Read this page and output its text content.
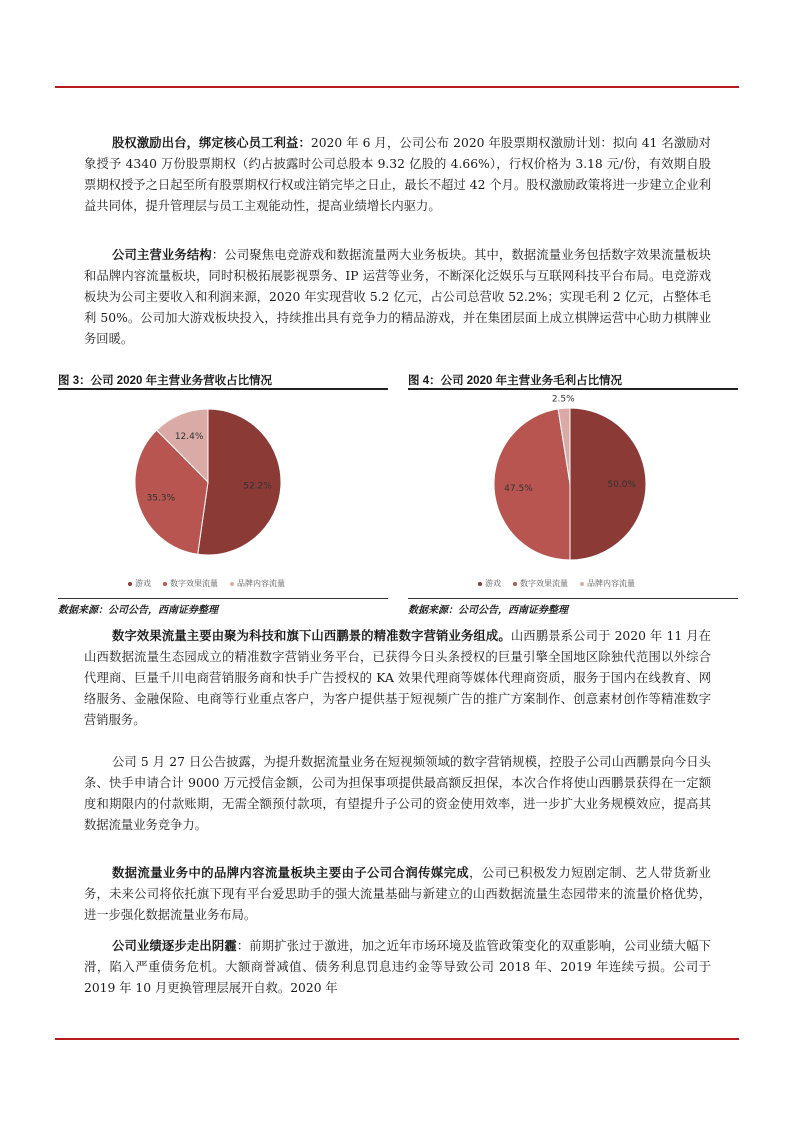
股权激励出台，绑定核心员工利益：2020 年 6 月，公司公布 2020 年股票期权激励计划：拟向 41 名激励对象授予 4340 万份股票期权（约占披露时公司总股本 9.32 亿股的 4.66%），行权价格为 3.18 元/份，有效期自股票期权授予之日起至所有股票期权行权或注销完毕之日止，最长不超过 42 个月。股权激励政策将进一步建立企业利益共同体，提升管理层与员工主观能动性，提高业绩增长内驱力。

公司主营业务结构：公司聚焦电竞游戏和数据流量两大业务板块。其中，数据流量业务包括数字效果流量板块和品牌内容流量板块，同时积极拓展影视票务、IP 运营等业务，不断深化泛娱乐与互联网科技平台布局。电竞游戏板块为公司主要收入和利润来源，2020 年实现营收 5.2 亿元，占公司总营收 52.2%；实现毛利 2 亿元，占整体毛利 50%。公司加大游戏板块投入，持续推出具有竞争力的精品游戏，并在集团层面上成立棋牌运营中心助力棋牌业务回暖。

图 3：公司 2020 年主营业务营收占比情况
52.2%
35.3%
12.4%
游戏 数字效果流量 品牌内容流量
数据来源：公司公告，西南证券整理
图 4：公司 2020 年主营业务毛利占比情况
50.0%
47.5%
2.5%
游戏 数字效果流量 品牌内容流量
数据来源：公司公告，西南证券整理

数字效果流量主要由聚为科技和旗下山西鹏景的精准数字营销业务组成。山西鹏景系公司于 2020 年 11 月在山西数据流量生态园成立的精准数字营销业务平台，已获得今日头条授权的巨量引擎全国地区除独代范围以外综合代理商、巨量千川电商营销服务商和快手广告授权的 KA 效果代理商等媒体代理商资质，服务于国内在线教育、网络服务、金融保险、电商等行业重点客户，为客户提供基于短视频广告的推广方案制作、创意素材创作等精准数字营销服务。

公司 5 月 27 日公告披露，为提升数据流量业务在短视频领域的数字营销规模，控股子公司山西鹏景向今日头条、快手申请合计 9000 万元授信金额，公司为担保事项提供最高额反担保，本次合作将使山西鹏景获得在一定额度和期限内的付款账期，无需全额预付款项，有望提升子公司的资金使用效率，进一步扩大业务规模效应，提高其数据流量业务竞争力。

数据流量业务中的品牌内容流量板块主要由子公司合润传媒完成，公司已积极发力短剧定制、艺人带货新业务，未来公司将依托旗下现有平台爱思助手的强大流量基础与新建立的山西数据流量生态园带来的流量价格优势，进一步强化数据流量业务布局。

公司业绩逐步走出阴霾：前期扩张过于激进，加之近年市场环境及监管政策变化的双重影响，公司业绩大幅下滑，陷入严重债务危机。大额商誉减值、债务利息罚息违约金等导致公司 2018 年、2019 年连续亏损。公司于 2019 年 10 月更换管理层展开自救。2020 年
